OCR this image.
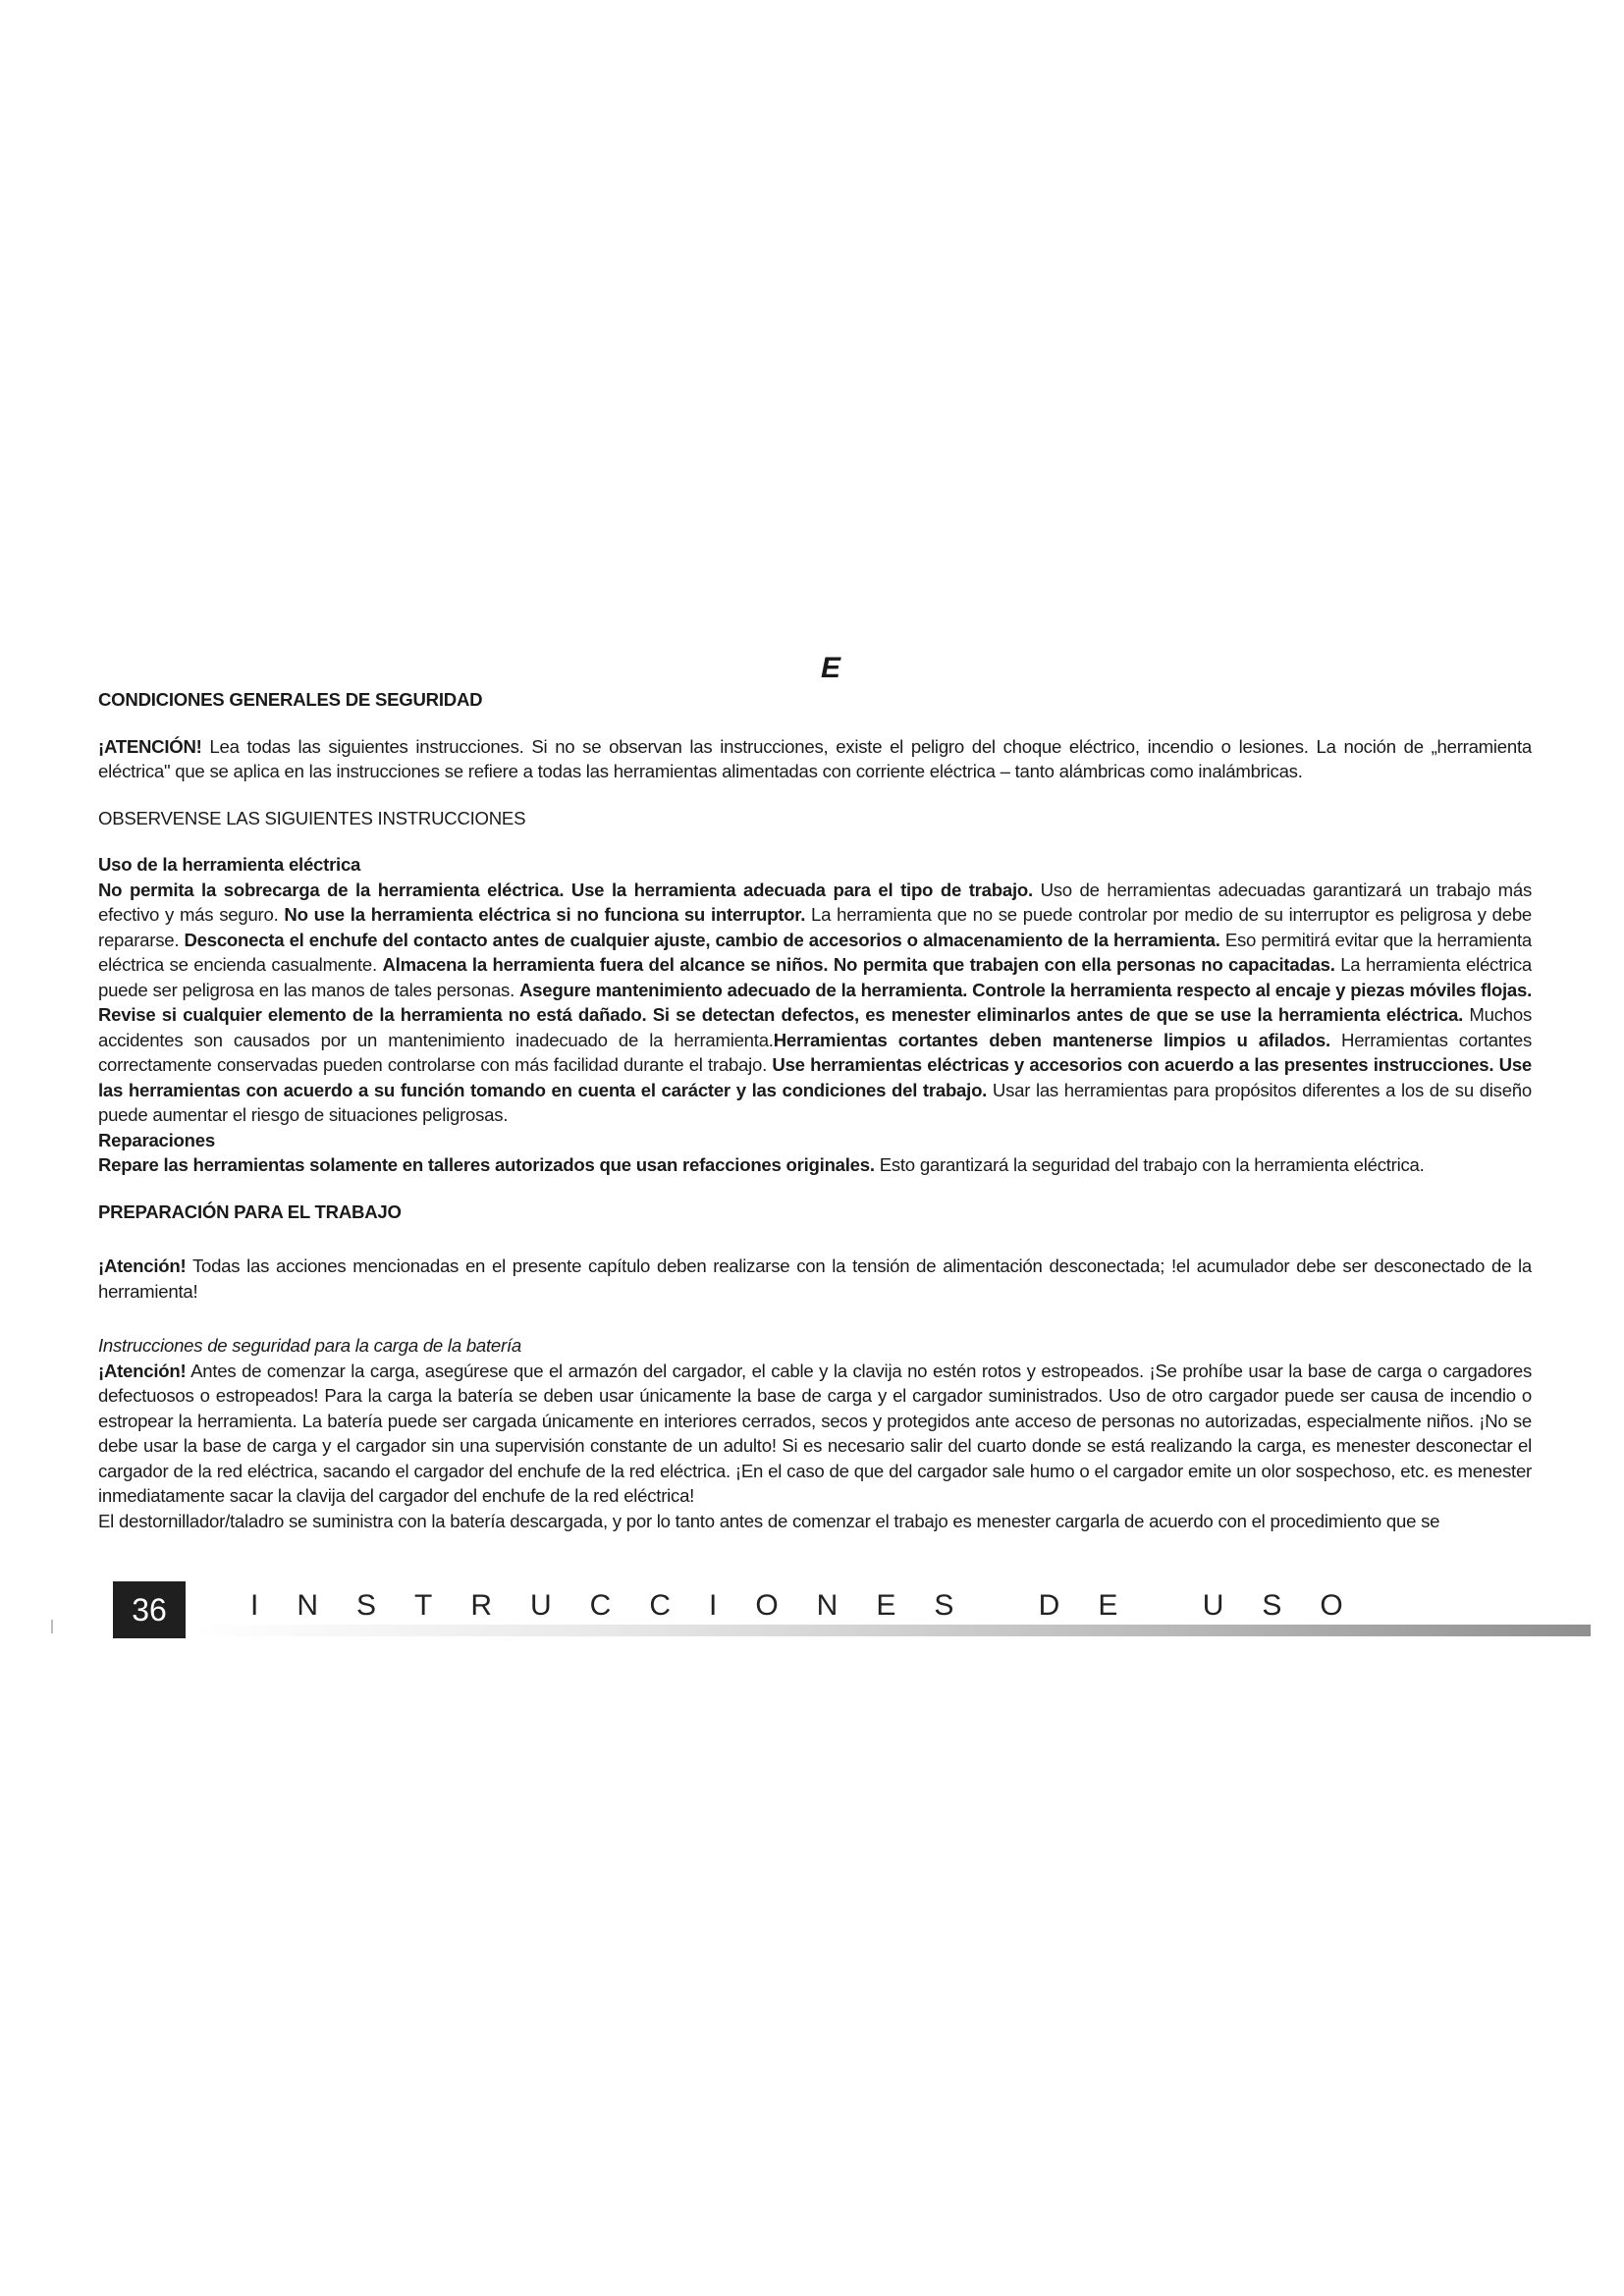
E

CONDICIONES GENERALES DE SEGURIDAD

¡ATENCIÓN! Lea todas las siguientes instrucciones. Si no se observan las instrucciones, existe el peligro del choque eléctrico, incendio o lesiones. La noción de „herramienta eléctrica" que se aplica en las instrucciones se refiere a todas las herramientas alimentadas con corriente eléctrica – tanto alámbricas como inalámbricas.

OBSERVENSE LAS SIGUIENTES INSTRUCCIONES

Uso de la herramienta eléctrica

No permita la sobrecarga de la herramienta eléctrica. Use la herramienta adecuada para el tipo de trabajo. Uso de herramientas adecuadas garantizará un trabajo más efectivo y más seguro. No use la herramienta eléctrica si no funciona su interruptor. La herramienta que no se puede controlar por medio de su interruptor es peligrosa y debe repararse. Desconecta el enchufe del contacto antes de cualquier ajuste, cambio de accesorios o almacenamiento de la herramienta. Eso permitirá evitar que la herramienta eléctrica se encienda casualmente. Almacena la herramienta fuera del alcance se niños. No permita que trabajen con ella personas no capacitadas. La herramienta eléctrica puede ser peligrosa en las manos de tales personas. Asegure mantenimiento adecuado de la herramienta. Controle la herramienta respecto al encaje y piezas móviles flojas. Revise si cualquier elemento de la herramienta no está dañado. Si se detectan defectos, es menester eliminarlos antes de que se use la herramienta eléctrica. Muchos accidentes son causados por un mantenimiento inadecuado de la herramienta.Herramientas cortantes deben mantenerse limpios u afilados. Herramientas cortantes correctamente conservadas pueden controlarse con más facilidad durante el trabajo. Use herramientas eléctricas y accesorios con acuerdo a las presentes instrucciones. Use las herramientas con acuerdo a su función tomando en cuenta el carácter y las condiciones del trabajo. Usar las herramientas para propósitos diferentes a los de su diseño puede aumentar el riesgo de situaciones peligrosas.

Reparaciones

Repare las herramientas solamente en talleres autorizados que usan refacciones originales. Esto garantizará la seguridad del trabajo con la herramienta eléctrica.

PREPARACIÓN PARA EL TRABAJO

¡Atención! Todas las acciones mencionadas en el presente capítulo deben realizarse con la tensión de alimentación desconectada; !el acumulador debe ser desconectado de la herramienta!

Instrucciones de seguridad para la carga de la batería

¡Atención! Antes de comenzar la carga, asegúrese que el armazón del cargador, el cable y la clavija no estén rotos y estropeados. ¡Se prohíbe usar la base de carga o cargadores defectuosos o estropeados! Para la carga la batería se deben usar únicamente la base de carga y el cargador suministrados. Uso de otro cargador puede ser causa de incendio o estropear la herramienta. La batería puede ser cargada únicamente en interiores cerrados, secos y protegidos ante acceso de personas no autorizadas, especialmente niños. ¡No se debe usar la base de carga y el cargador sin una supervisión constante de un adulto! Si es necesario salir del cuarto donde se está realizando la carga, es menester desconectar el cargador de la red eléctrica, sacando el cargador del enchufe de la red eléctrica. ¡En el caso de que del cargador sale humo o el cargador emite un olor sospechoso, etc. es menester inmediatamente sacar la clavija del cargador del enchufe de la red eléctrica!

El destornillador/taladro se suministra con la batería descargada, y por lo tanto antes de comenzar el trabajo es menester cargarla de acuerdo con el procedimiento que se

36	INSTRUCCIONES DE USO
